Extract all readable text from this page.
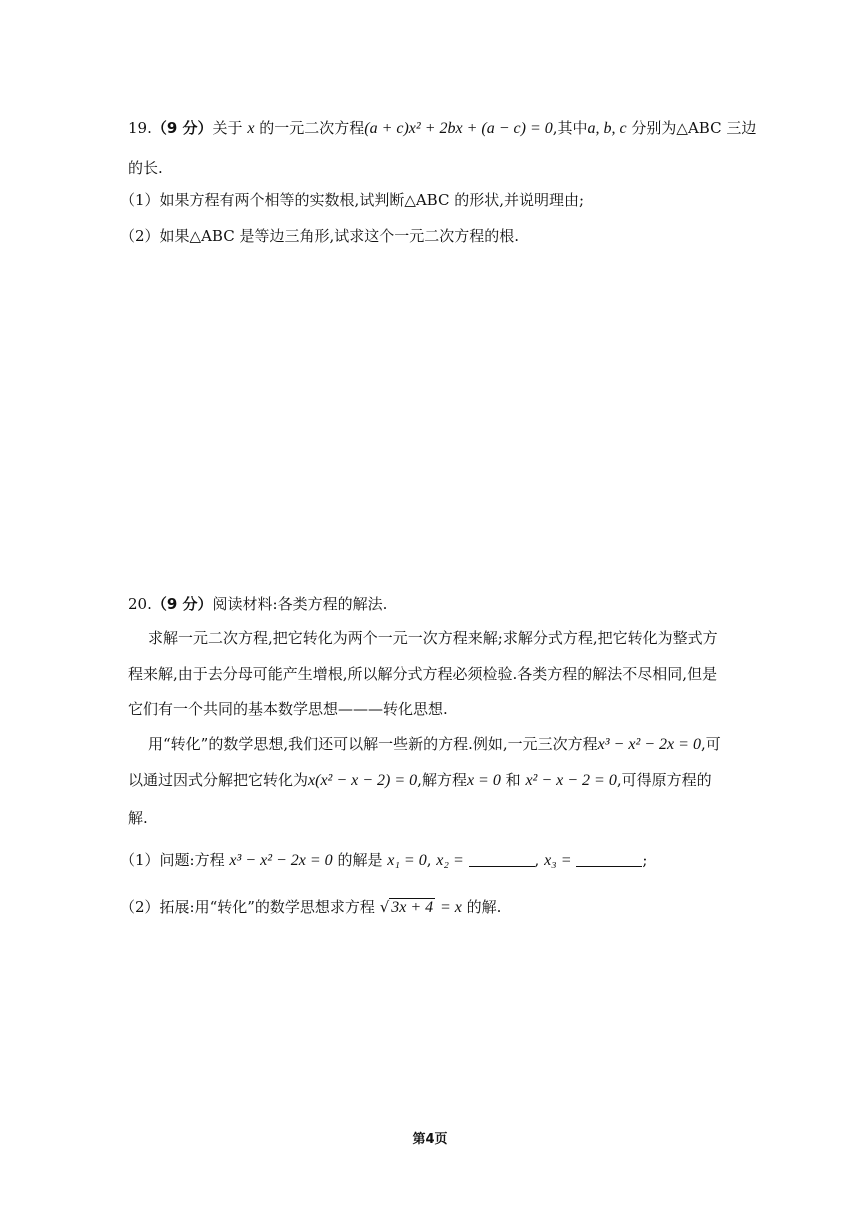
19.（9 分）关于 x 的一元二次方程(a + c)x² + 2bx + (a − c) = 0,其中a, b, c 分别为△ABC 三边
的长.
（1）如果方程有两个相等的实数根,试判断△ABC 的形状,并说明理由;
（2）如果△ABC 是等边三角形,试求这个一元二次方程的根.
20.（9 分）阅读材料:各类方程的解法.
求解一元二次方程,把它转化为两个一元一次方程来解;求解分式方程,把它转化为整式方
程来解,由于去分母可能产生增根,所以解分式方程必须检验.各类方程的解法不尽相同,但是
它们有一个共同的基本数学思想———转化思想.
用“转化”的数学思想,我们还可以解一些新的方程.例如,一元三次方程x³ − x² − 2x = 0,可
以通过因式分解把它转化为x(x² − x − 2) = 0,解方程x = 0 和 x² − x − 2 = 0,可得原方程的
解.
（1）问题:方程 x³ − x² − 2x = 0 的解是 x₁ = 0, x₂ =	, x₃ =	;
（2）拓展:用“转化”的数学思想求方程 √ 3x + 4 = x 的解.
第4页
